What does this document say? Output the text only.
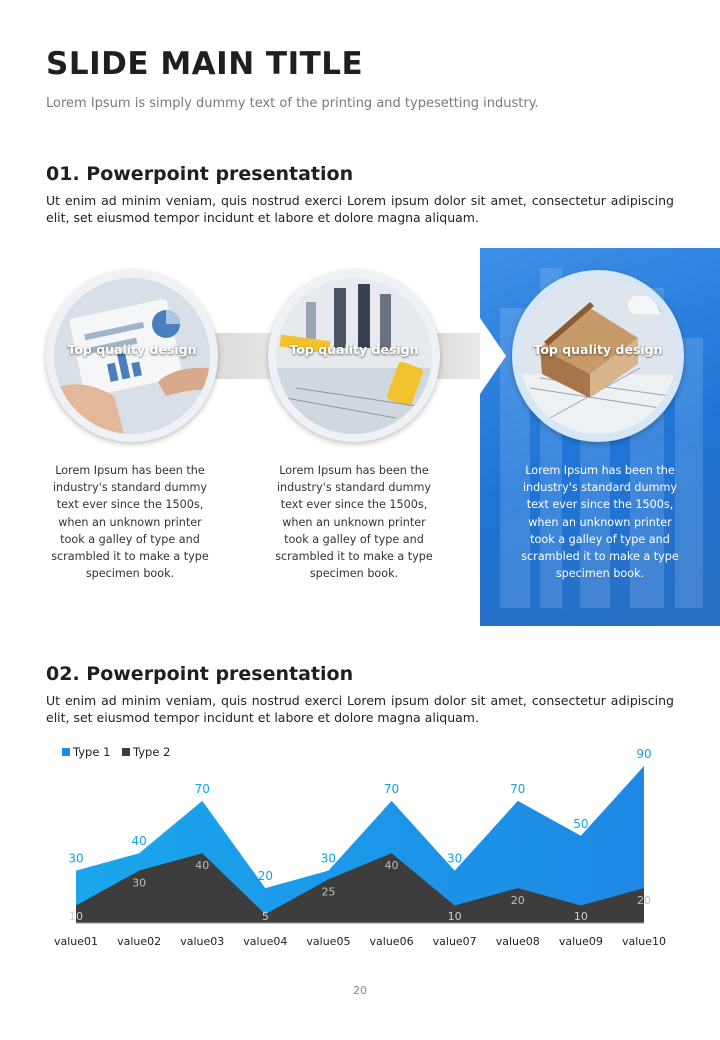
SLIDE MAIN TITLE
Lorem Ipsum is simply dummy text of the printing and typesetting industry.
01. Powerpoint presentation
Ut enim ad minim veniam, quis nostrud exerci Lorem ipsum dolor sit amet, consectetur adipiscing elit, set eiusmod tempor incidunt et labore et dolore magna aliquam.
Top quality design	Top quality design	Top quality design
Lorem Ipsum has been the industry's standard dummy text ever since the 1500s, when an unknown printer took a galley of type and scrambled it to make a type specimen book.
Lorem Ipsum has been the industry's standard dummy text ever since the 1500s, when an unknown printer took a galley of type and scrambled it to make a type specimen book.
Lorem Ipsum has been the industry's standard dummy text ever since the 1500s, when an unknown printer took a galley of type and scrambled it to make a type specimen book.
02. Powerpoint presentation
Ut enim ad minim veniam, quis nostrud exerci Lorem ipsum dolor sit amet, consectetur adipiscing elit, set eiusmod tempor incidunt et labore et dolore magna aliquam.
30
40
70
20
30
70
30
70
50
90
10
30
40
5
25
40
10
20
10
20
value01 value02 value03 value04 value05 value06 value07 value08 value09 value10
Type 1 Type 2
20
